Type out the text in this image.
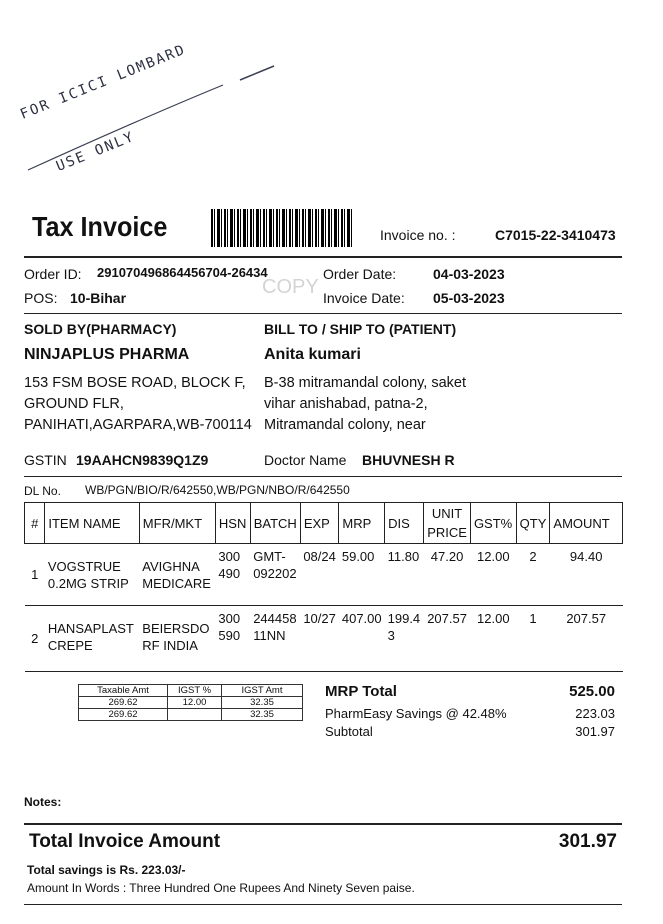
FOR ICICI LOMBARD
USE ONLY
Tax Invoice	Invoice no. :	C7015-22-3410473
Order ID: 291070496864456704-26434
POS: 10-Bihar	COPY
Order Date:	04-03-2023
Invoice Date: 05-03-2023
SOLD BY(PHARMACY)
NINJAPLUS PHARMA
153 FSM BOSE ROAD, BLOCK F,
GROUND FLR,
PANIHATI,AGARPARA,WB-700114
GSTIN 19AAHCN9839Q1Z9
BILL TO / SHIP TO (PATIENT)
Anita kumari
B-38 mitramandal colony, saket
vihar anishabad, patna-2,
Mitramandal colony, near
Doctor Name BHUVNESH R
DL No. WB/PGN/BIO/R/642550,WB/PGN/NBO/R/642550
#	ITEM NAME	MFR/MKT	HSN	BATCH	EXP	MRP	DIS	UNIT PRICE	GST%	QTY	AMOUNT
1	VOGSTRUE 0.2MG STRIP	AVIGHNA MEDICARE	300490	GMT-092202	08/24	59.00	11.80	47.20	12.00	2	94.40
2	HANSAPLAST CREPE	BEIERSDORF INDIA	300590	24445811NN	10/27	407.00	199.43	207.57	12.00	1	207.57
Taxable Amt	IGST %	IGST Amt
269.62	12.00	32.35
269.62		32.35
MRP Total	525.00
PharmEasy Savings @ 42.48%	223.03
Subtotal	301.97
Notes:
Total Invoice Amount	301.97
Total savings is Rs. 223.03/-
Amount In Words : Three Hundred One Rupees And Ninety Seven paise.
